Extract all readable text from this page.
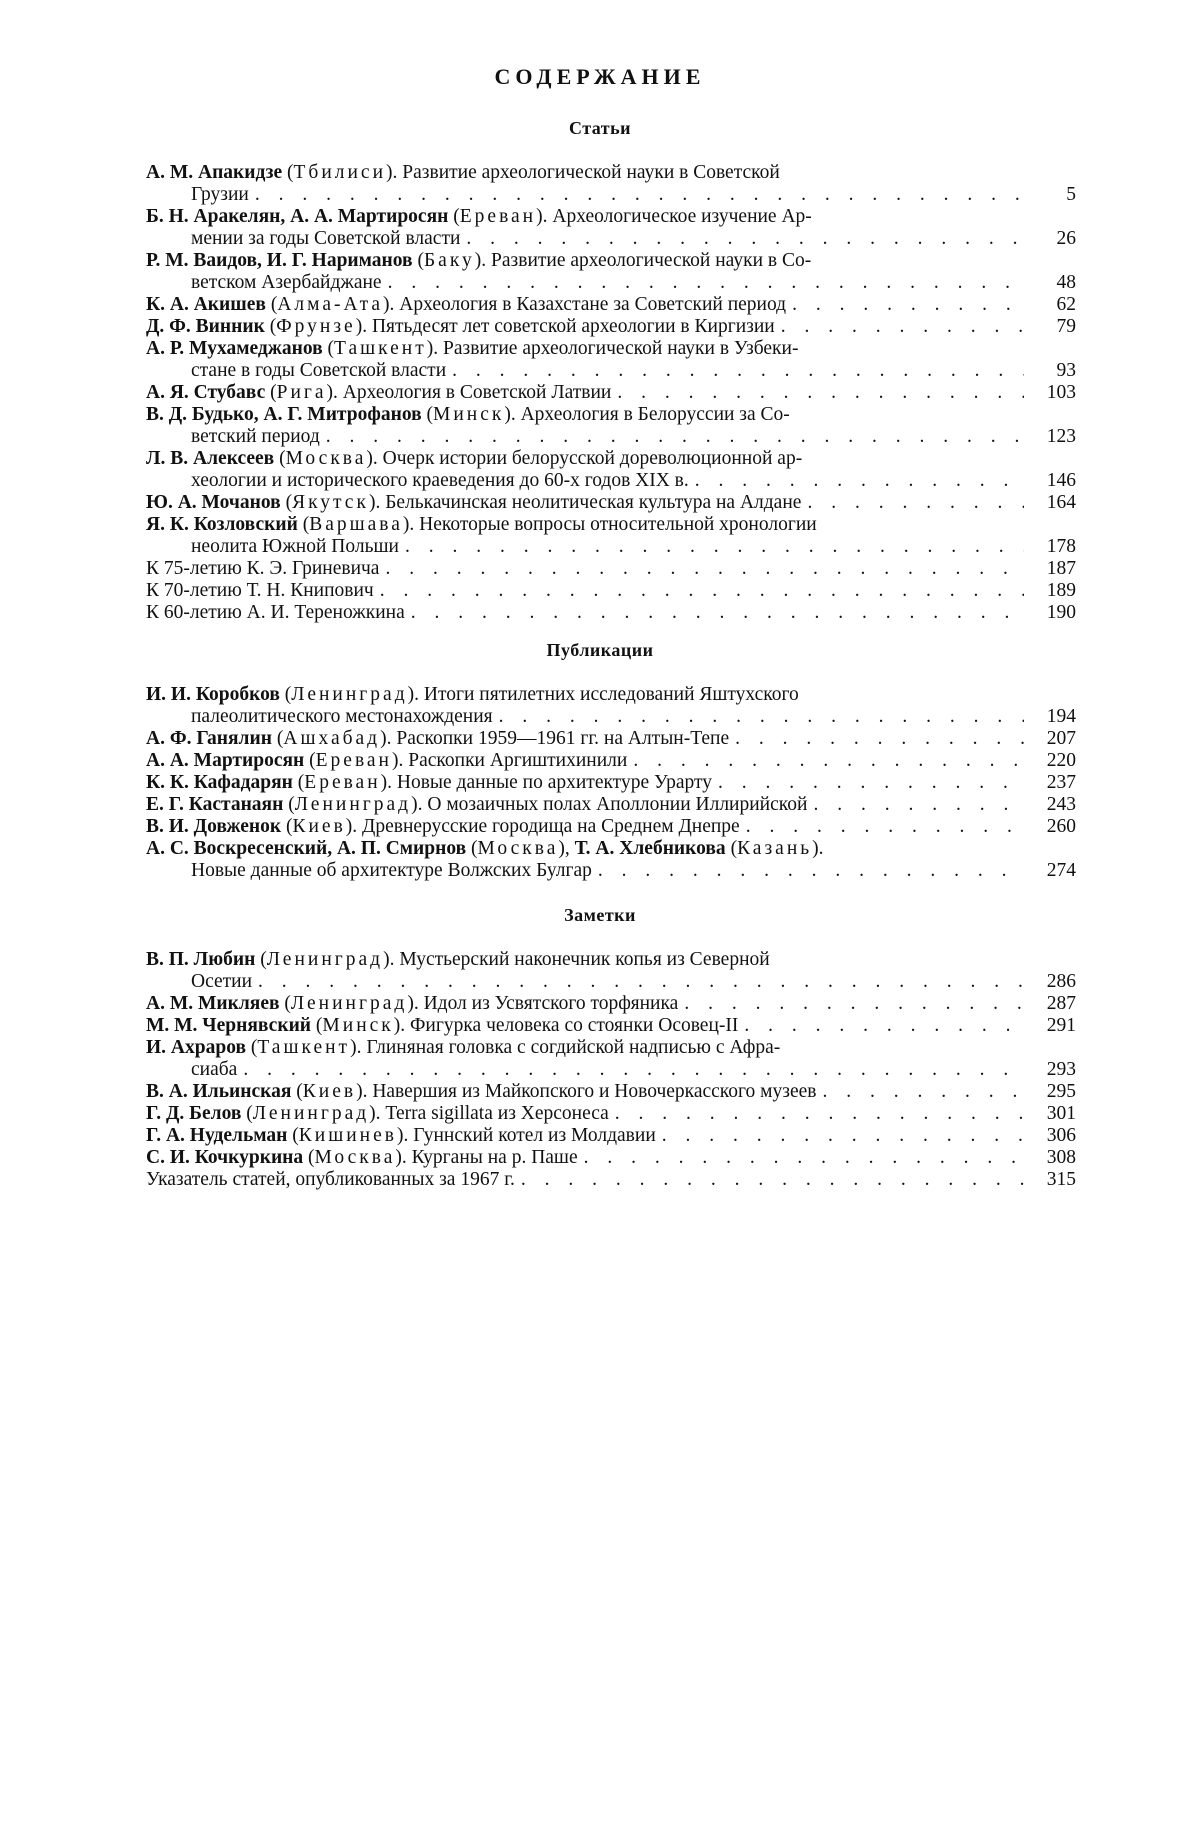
СОДЕРЖАНИЕ
Статьи
А. М. Апакидзе (Тбилиси). Развитие археологической науки в Советской
Грузии . . .	5
Б. Н. Аракелян, А. А. Мартиросян (Ереван). Археологическое изучение Ар-
мении за годы Советской власти . . .	26
Р. М. Ваидов, И. Г. Нариманов (Баку). Развитие археологической науки в Со-
ветском Азербайджане . . .	48
К. А. Акишев (Алма-Ата). Археология в Казахстане за Советский период . . .	62
Д. Ф. Винник (Фрунзе). Пятьдесят лет советской археологии в Киргизии . . .	79
А. Р. Мухамеджанов (Ташкент). Развитие археологической науки в Узбеки-
стане в годы Советской власти . . .	93
А. Я. Стубавс (Рига). Археология в Советской Латвии . . .	103
В. Д. Будько, А. Г. Митрофанов (Минск). Археология в Белоруссии за Со-
ветский период . . .	123
Л. В. Алексеев (Москва). Очерк истории белорусской дореволюционной ар-
хеологии и исторического краеведения до 60-х годов XIX в. . . .	146
Ю. А. Мочанов (Якутск). Белькачинская неолитическая культура на Алдане . . .	164
Я. К. Козловский (Варшава). Некоторые вопросы относительной хронологии
неолита Южной Польши . . .	178
К 75-летию К. Э. Гриневича . . .	187
К 70-летию Т. Н. Книпович . . .	189
К 60-летию А. И. Тереножкина . . .	190
Публикации
И. И. Коробков (Ленинград). Итоги пятилетних исследований Яштухского
палеолитического местонахождения . . .	194
А. Ф. Ганялин (Ашхабад). Раскопки 1959—1961 гг. на Алтын-Тепе . . .	207
А. А. Мартиросян (Ереван). Раскопки Аргиштихинили . . .	220
К. К. Кафадарян (Ереван). Новые данные по архитектуре Урарту . . .	237
Е. Г. Кастанаян (Ленинград). О мозаичных полах Аполлонии Иллирийской . . .	243
В. И. Довженок (Киев). Древнерусские городища на Среднем Днепре . . .	260
А. С. Воскресенский, А. П. Смирнов (Москва), Т. А. Хлебникова (Казань).
Новые данные об архитектуре Волжских Булгар . . .	274
Заметки
В. П. Любин (Ленинград). Мустьерский наконечник копья из Северной
Осетии . . .	286
А. М. Микляев (Ленинград). Идол из Усвятского торфяника . . .	287
М. М. Чернявский (Минск). Фигурка человека со стоянки Осовец-II . . .	291
И. Ахраров (Ташкент). Глиняная головка с согдийской надписью с Афра-
сиаба . . .	293
В. А. Ильинская (Киев). Навершия из Майкопского и Новочеркасского музеев . . .	295
Г. Д. Белов (Ленинград). Terra sigillata из Херсонеса . . .	301
Г. А. Нудельман (Кишинев). Гуннский котел из Молдавии . . .	306
С. И. Кочкуркина (Москва). Курганы на р. Паше . . .	308
Указатель статей, опубликованных за 1967 г. . . .	315
